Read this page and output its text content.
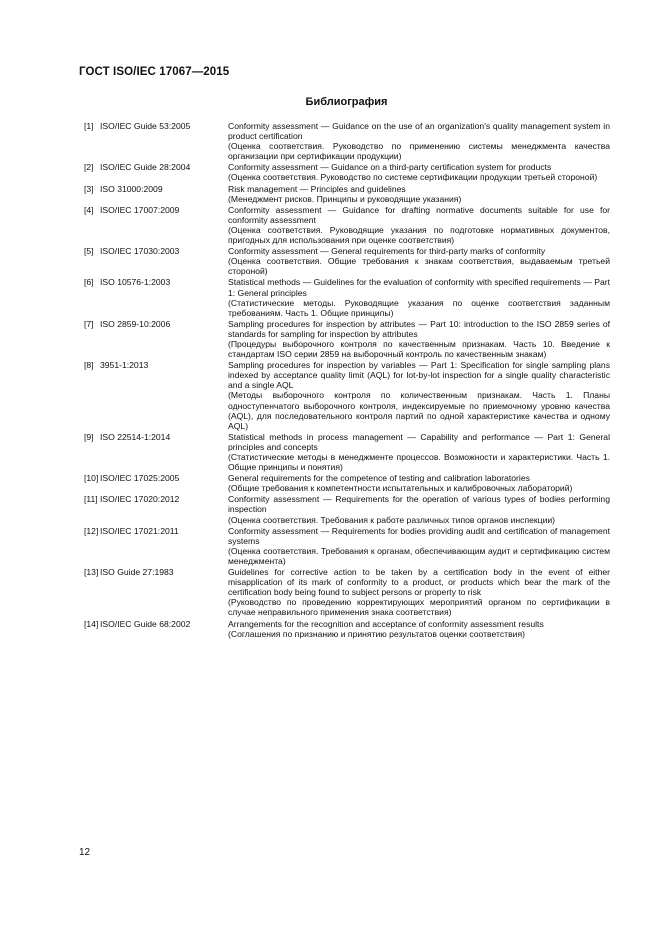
ГОСТ ISO/IEC 17067—2015
Библиография
[1] ISO/IEC Guide 53:2005	Conformity assessment — Guidance on the use of an organization’s quality management system in product certification
(Оценка соответствия. Руководство по применению системы менеджмента качества организации при сертификации продукции)
[2] ISO/IEC Guide 28:2004	Conformity assessment — Guidance on a third-party certification system for products
(Оценка соответствия. Руководство по системе сертификации продукции третьей стороной)
[3] ISO 31000:2009	Risk management — Principles and guidelines
(Менеджмент рисков. Принципы и руководящие указания)
[4] ISO/IEC 17007:2009	Conformity assessment — Guidance for drafting normative documents suitable for use for conformity assessment
(Оценка соответствия. Руководящие указания по подготовке нормативных документов, пригодных для использования при оценке соответствия)
[5] ISO/IEC 17030:2003	Conformity assessment — General requirements for third-party marks of conformity
(Оценка соответствия. Общие требования к знакам соответствия, выдаваемым третьей стороной)
[6] ISO 10576-1:2003	Statistical methods — Guidelines for the evaluation of conformity with specified requirements — Part 1: General principles
(Статистические методы. Руководящие указания по оценке соответствия заданным требованиям. Часть 1. Общие принципы)
[7] ISO 2859-10:2006	Sampling procedures for inspection by attributes — Part 10: introduction to the ISO 2859 series of standards for sampling for inspection by attributes
(Процедуры выборочного контроля по качественным признакам. Часть 10. Введение к стандартам ISO серии 2859 на выборочный контроль по качественным знакам)
[8] 3951-1:2013	Sampling procedures for inspection by variables — Part 1: Specification for single sampling plans indexed by acceptance quality limit (AQL) for lot-by-lot inspection for a single quality characteristic and a single AQL
(Методы выборочного контроля по количественным признакам. Часть 1. Планы одноступенчатого выборочного контроля, индексируемые по приемочному уровню качества (AQL), для последовательного контроля партий по одной характеристике качества и одному AQL)
[9] ISO 22514-1:2014	Statistical methods in process management — Capability and performance — Part 1: General principles and concepts
(Статистические методы в менеджменте процессов. Возможности и характеристики. Часть 1. Общие принципы и понятия)
[10] ISO/IEC 17025:2005	General requirements for the competence of testing and calibration laboratories
(Общие требования к компетентности испытательных и калибровочных лабораторий)
[11] ISO/IEC 17020:2012	Conformity assessment — Requirements for the operation of various types of bodies performing inspection
(Оценка соответствия. Требования к работе различных типов органов инспекции)
[12] ISO/IEC 17021:2011	Conformity assessment — Requirements for bodies providing audit and certification of management systems
(Оценка соответствия. Требования к органам, обеспечивающим аудит и сертификацию систем менеджмента)
[13] ISO Guide 27:1983	Guidelines for corrective action to be taken by a certification body in the event of either misapplication of its mark of conformity to a product, or products which bear the mark of the certification body being found to subject persons or property to risk
(Руководство по проведению корректирующих мероприятий органом по сертификации в случае неправильного применения знака соответствия)
[14] ISO/IEC Guide 68:2002	Arrangements for the recognition and acceptance of conformity assessment results
(Соглашения по признанию и принятию результатов оценки соответствия)
12
